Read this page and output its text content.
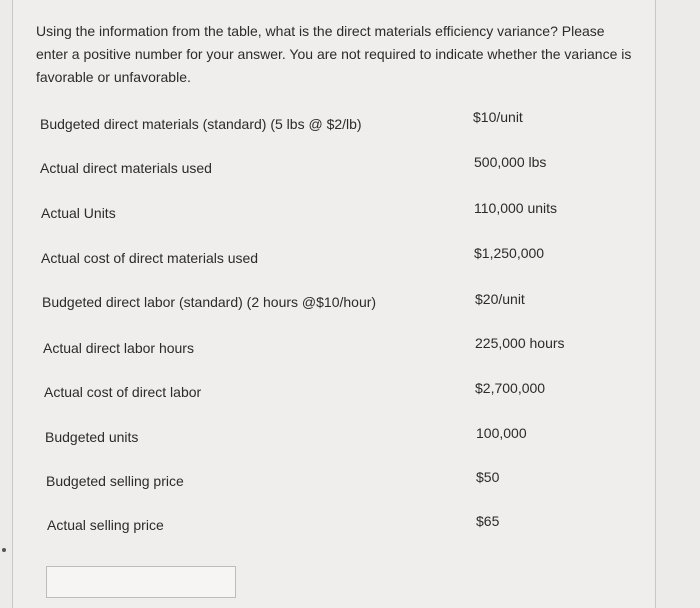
Using the information from the table, what is the direct materials efficiency variance? Please enter a positive number for your answer. You are not required to indicate whether the variance is favorable or unfavorable.
Budgeted direct materials (standard) (5 lbs @ $2/lb)	$10/unit
Actual direct materials used	500,000 lbs
Actual Units	110,000 units
Actual cost of direct materials used	$1,250,000
Budgeted direct labor (standard) (2 hours @$10/hour)	$20/unit
Actual direct labor hours	225,000 hours
Actual cost of direct labor	$2,700,000
Budgeted units	100,000
Budgeted selling price	$50
Actual selling price	$65
